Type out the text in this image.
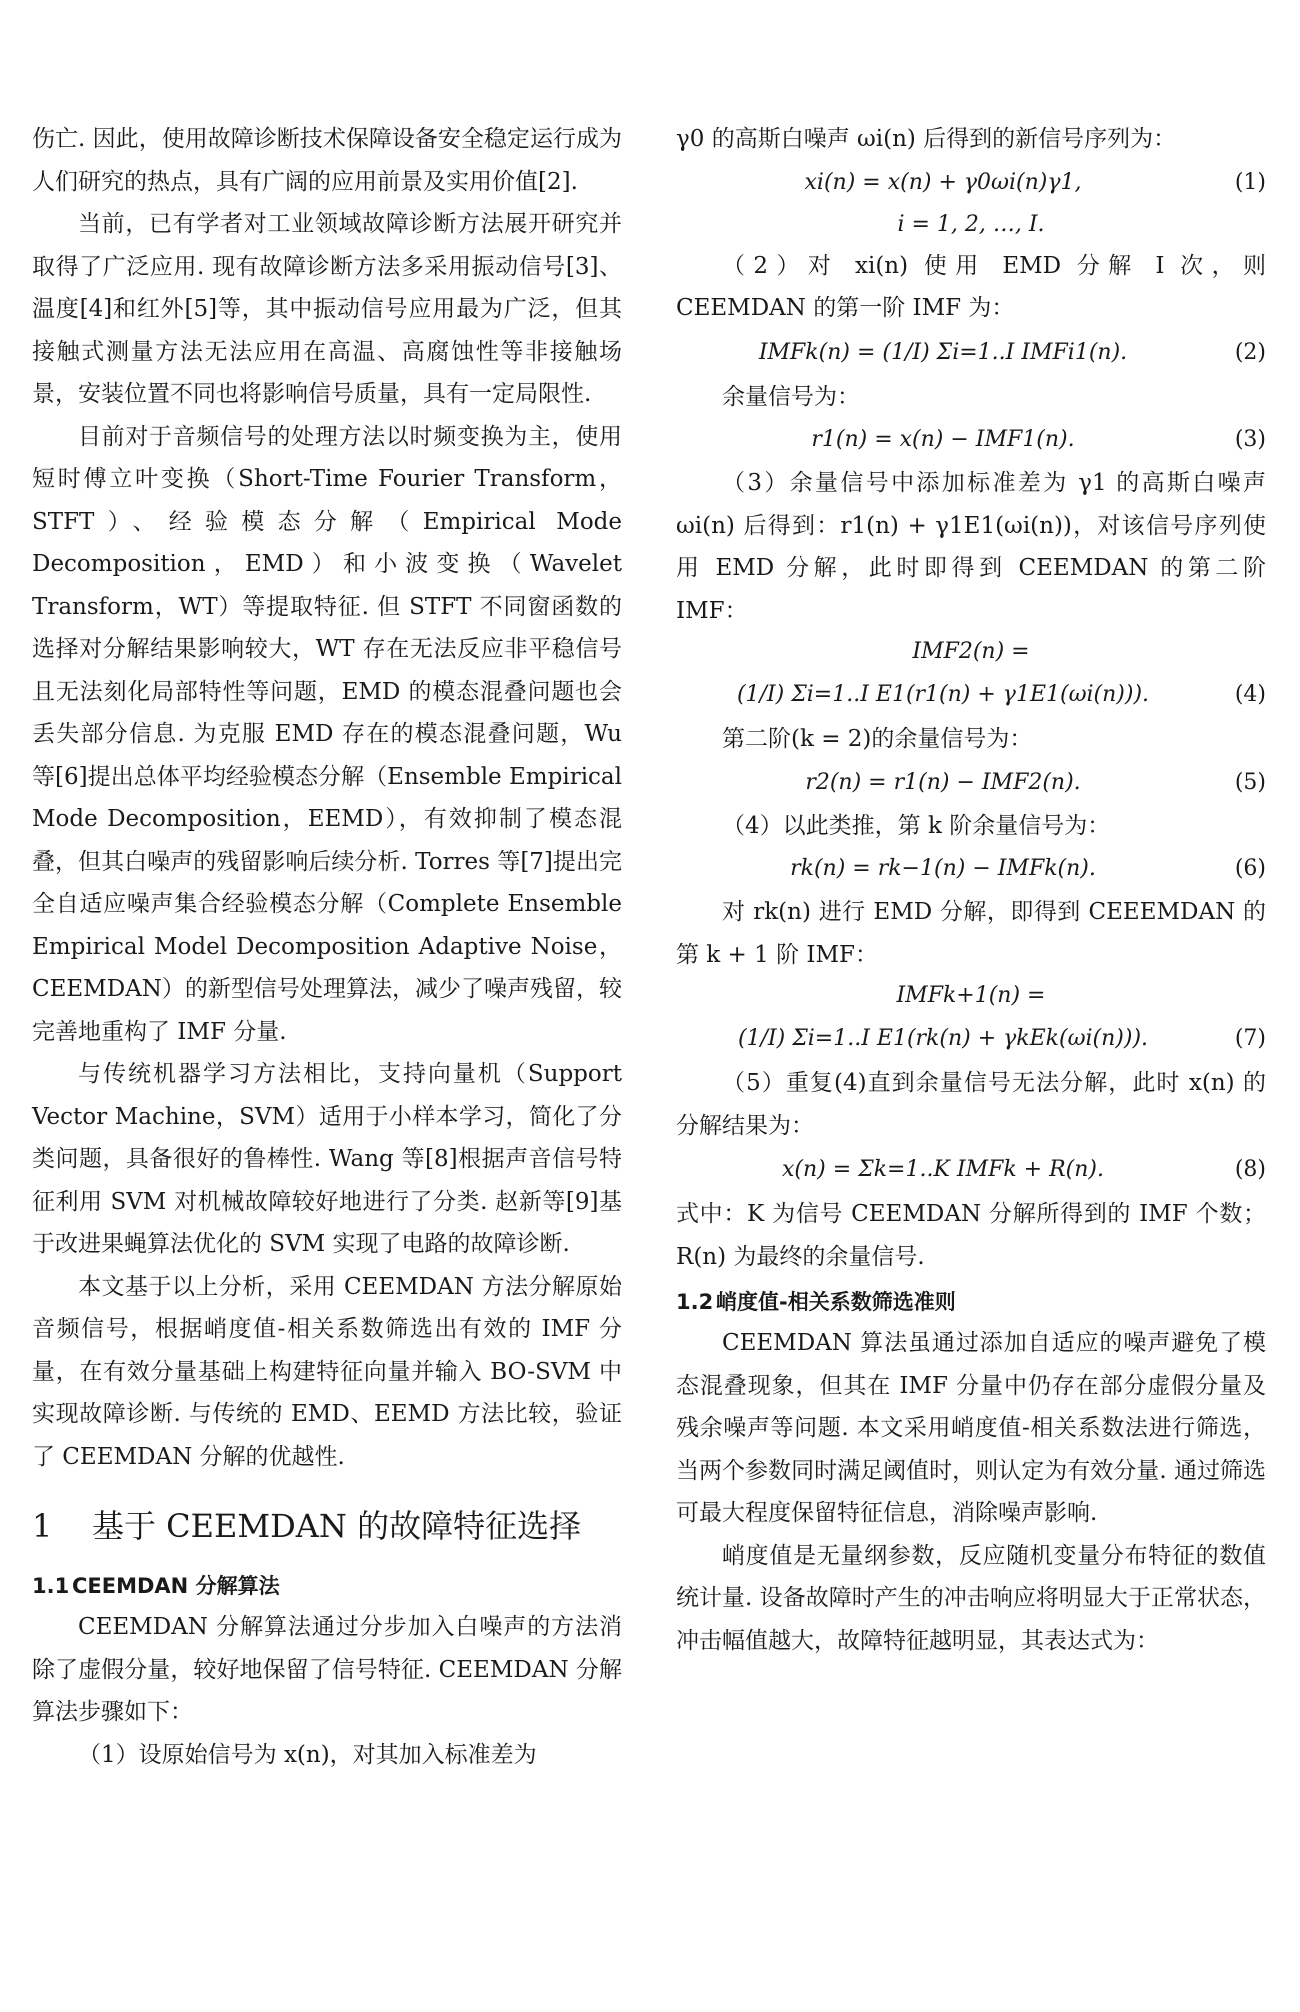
伤亡. 因此，使用故障诊断技术保障设备安全稳定运行成为人们研究的热点，具有广阔的应用前景及实用价值[2].

当前，已有学者对工业领域故障诊断方法展开研究并取得了广泛应用. 现有故障诊断方法多采用振动信号[3]、温度[4]和红外[5]等，其中振动信号应用最为广泛，但其接触式测量方法无法应用在高温、高腐蚀性等非接触场景，安装位置不同也将影响信号质量，具有一定局限性.

目前对于音频信号的处理方法以时频变换为主，使用短时傅立叶变换（Short-Time Fourier Transform，STFT）、经验模态分解（Empirical Mode Decomposition，EMD）和小波变换（Wavelet Transform，WT）等提取特征. 但 STFT 不同窗函数的选择对分解结果影响较大，WT 存在无法反应非平稳信号且无法刻化局部特性等问题，EMD 的模态混叠问题也会丢失部分信息. 为克服 EMD 存在的模态混叠问题，Wu 等[6]提出总体平均经验模态分解（Ensemble Empirical Mode Decomposition，EEMD），有效抑制了模态混叠，但其白噪声的残留影响后续分析. Torres 等[7]提出完全自适应噪声集合经验模态分解（Complete Ensemble Empirical Model Decomposition Adaptive Noise，CEEMDAN）的新型信号处理算法，减少了噪声残留，较完善地重构了 IMF 分量.

与传统机器学习方法相比，支持向量机（Support Vector Machine，SVM）适用于小样本学习，简化了分类问题，具备很好的鲁棒性. Wang 等[8]根据声音信号特征利用 SVM 对机械故障较好地进行了分类. 赵新等[9]基于改进果蝇算法优化的 SVM 实现了电路的故障诊断.

本文基于以上分析，采用 CEEMDAN 方法分解原始音频信号，根据峭度值-相关系数筛选出有效的 IMF 分量，在有效分量基础上构建特征向量并输入 BO-SVM 中实现故障诊断. 与传统的 EMD、EEMD 方法比较，验证了 CEEMDAN 分解的优越性.

1 基于 CEEMDAN 的故障特征选择
1.1 CEEMDAN 分解算法

CEEMDAN 分解算法通过分步加入白噪声的方法消除了虚假分量，较好地保留了信号特征. CEEMDAN 分解算法步骤如下：

（1）设原始信号为 x(n)，对其加入标准差为

γ0 的高斯白噪声 ωi(n) 后得到的新信号序列为：

xi(n) = x(n) + γ0ωi(n)γ1,	(1)
i = 1, 2, …, I.

（2）对 xi(n) 使用 EMD 分解 I 次，则 CEEMDAN 的第一阶 IMF 为：

IMFk(n) = (1/I) Σi=1..I IMFi1(n).	(2)

余量信号为：

r1(n) = x(n) − IMF1(n).	(3)

（3）余量信号中添加标准差为 γ1 的高斯白噪声 ωi(n) 后得到：r1(n) + γ1E1(ωi(n))，对该信号序列使用 EMD 分解，此时即得到 CEEMDAN 的第二阶 IMF：

IMF2(n) =
(1/I) Σi=1..I E1(r1(n) + γ1E1(ωi(n))).	(4)

第二阶(k = 2)的余量信号为：

r2(n) = r1(n) − IMF2(n).	(5)

（4）以此类推，第 k 阶余量信号为：

rk(n) = rk−1(n) − IMFk(n).	(6)

对 rk(n) 进行 EMD 分解，即得到 CEEEMDAN 的第 k + 1 阶 IMF：

IMFk+1(n) =
(1/I) Σi=1..I E1(rk(n) + γkEk(ωi(n))).	(7)

（5）重复(4)直到余量信号无法分解，此时 x(n) 的分解结果为：

x(n) = Σk=1..K IMFk + R(n).	(8)

式中：K 为信号 CEEMDAN 分解所得到的 IMF 个数；R(n) 为最终的余量信号.

1.2 峭度值-相关系数筛选准则

CEEMDAN 算法虽通过添加自适应的噪声避免了模态混叠现象，但其在 IMF 分量中仍存在部分虚假分量及残余噪声等问题. 本文采用峭度值-相关系数法进行筛选，当两个参数同时满足阈值时，则认定为有效分量. 通过筛选可最大程度保留特征信息，消除噪声影响.

峭度值是无量纲参数，反应随机变量分布特征的数值统计量. 设备故障时产生的冲击响应将明显大于正常状态，冲击幅值越大，故障特征越明显，其表达式为：
